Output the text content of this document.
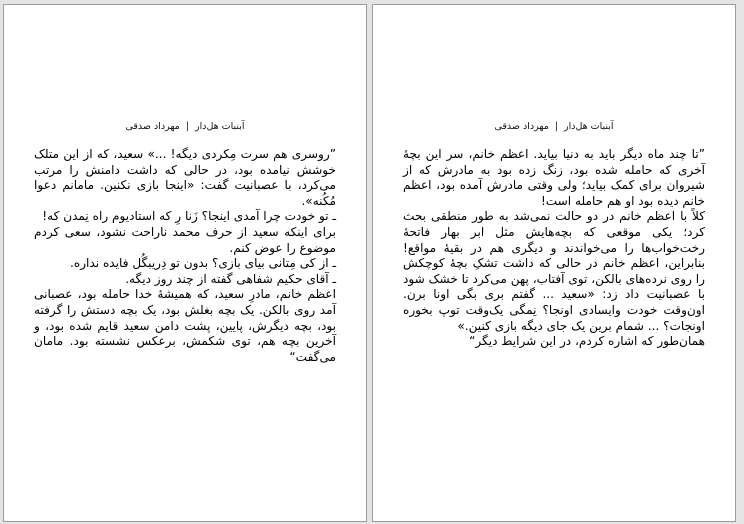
آبنبات هل‌دار|مهرداد صدقی

”روسری هم سرت مِکردی دیگه! ...» سعید، که از این متلک خوشش نیامده بود، در حالی که داشت دامنش را مرتب می‌کرد، با عصبانیت گفت: «اینجا بازی نکنین. مامانم دعوا مُکُنه».

ـ تو خودت چرا آمدی اینجا؟ زَنا رِ که استادیوم راه نِمدن که!

برای اینکه سعید از حرف محمد ناراحت نشود، سعی کردم موضوع را عوض کنم.

ـ از کی مِتانی بیای بازی؟ بدون تو دِریبگُل فایده نداره.

ـ آقای حکیم شفاهی گفته از چند روز دیگه.

اعظم خانم، مادرِ سعید، که همیشهٔ خدا حامله بود، عصبانی آمد روی بالکن. یک بچه بغلش بود، یک بچه دستش را گرفته بود، بچه دیگرش، پایین، پشت دامن سعید قایم شده بود، و آخرین بچه هم، توی شکمش، برعکس نشسته بود. مامان می‌گفت“

آبنبات هل‌دار|مهرداد صدقی

”تا چند ماه دیگر باید به دنیا بیاید. اعظم خانم، سر این بچهٔ آخری که حامله شده بود، زنگ زده بود به مادرش که از شیروان برای کمک بیاید؛ ولی وقتی مادرش آمده بود، اعظم خانم دیده بود او هم حامله است!

کلاً با اعظم خانم در دو حالت نمی‌شد به طور منطقی بحث کرد؛ یکی موقعی که بچه‌هایش مثل ابر بهار فاتحهٔ رخت‌خواب‌ها را می‌خواندند و دیگری هم در بقیهٔ مواقع! بنابراین، اعظم خانم در حالی که داشت تشکِ بچهٔ کوچکش را روی نرده‌های بالکن، توی آفتاب، پهن می‌کرد تا خشک شود با عصبانیت داد زد: «سعید ... گفتم بری بگی اونا برن. اون‌وقت خودت وایسادی اونجا؟ نِمگی یک‌وقت توپ بخوره اونجات؟ ... شمام برین یک جای دیگه بازی کنین.»

همان‌طور که اشاره کردم، در این شرایط دیگر“
